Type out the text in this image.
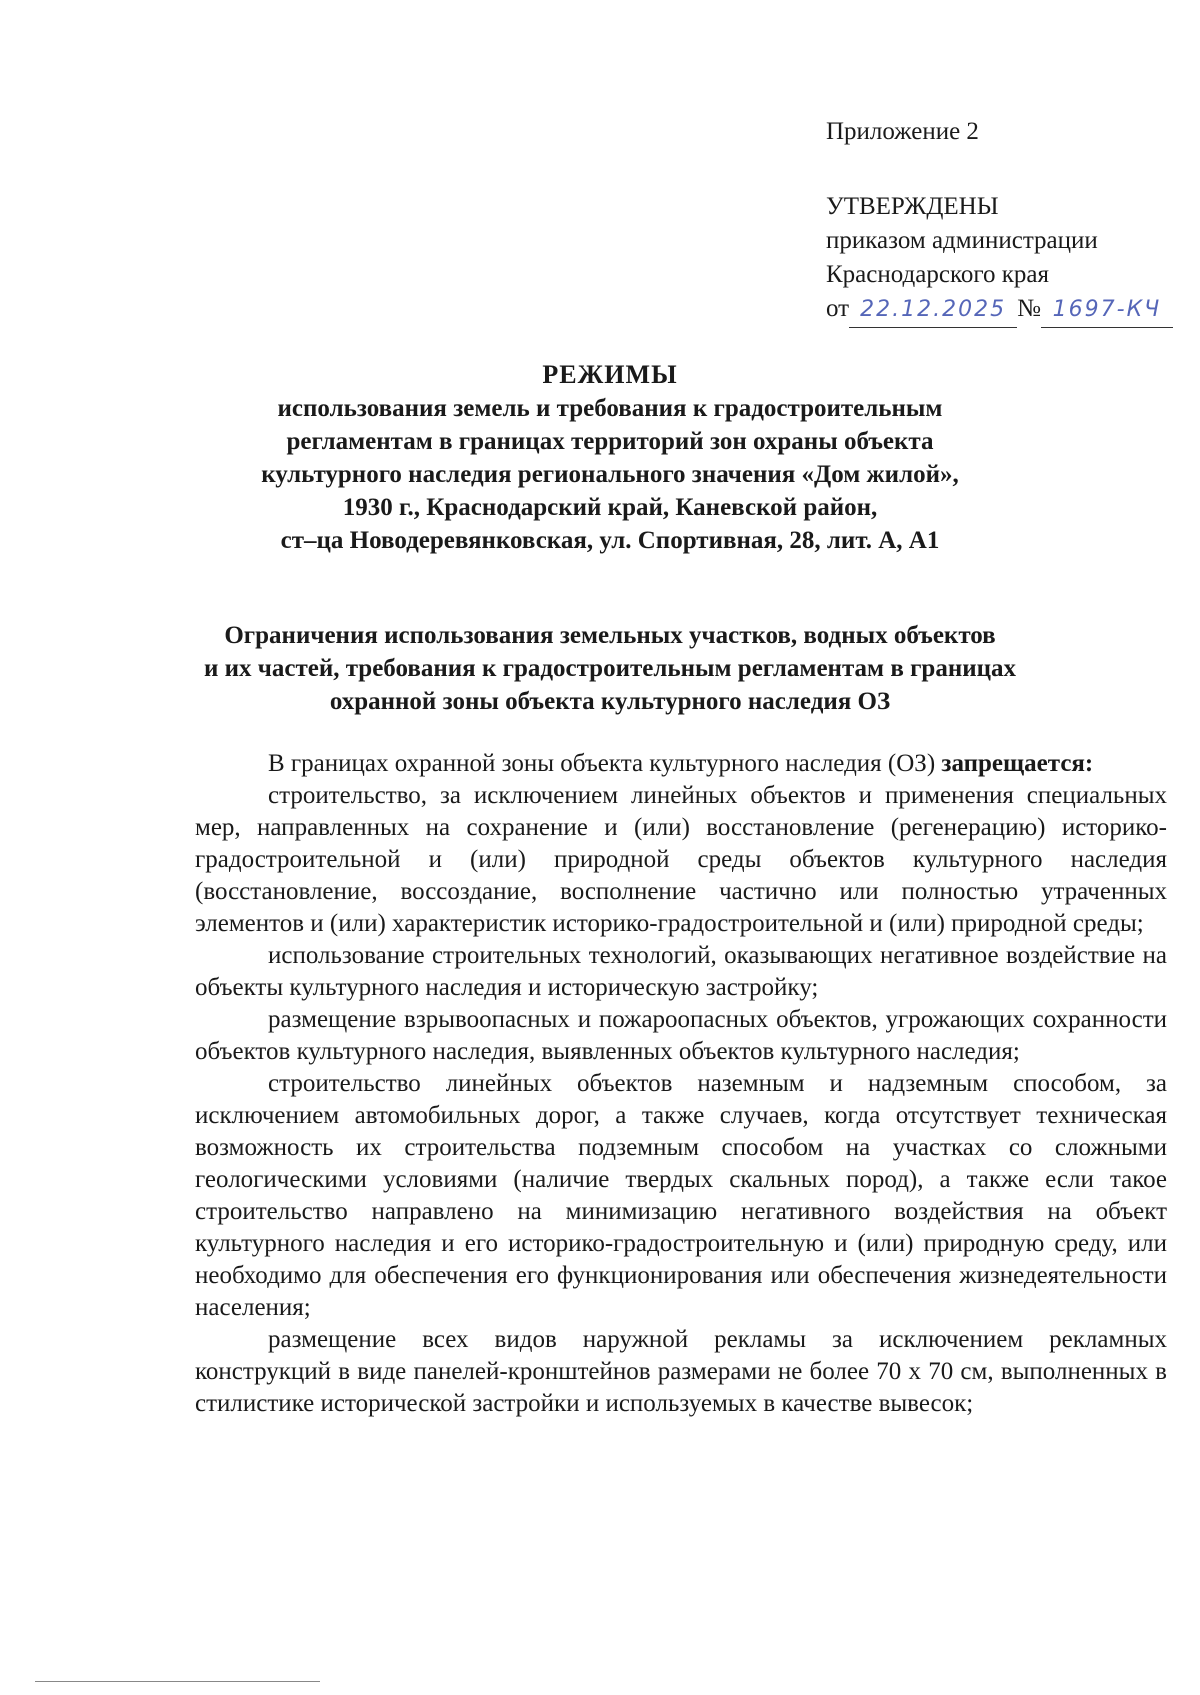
Приложение 2
УТВЕРЖДЕНЫ
приказом администрации
Краснодарского края
от 22.12.2025 № 1697-КЧ
РЕЖИМЫ
использования земель и требования к градостроительным
регламентам в границах территорий зон охраны объекта
культурного наследия регионального значения «Дом жилой»,
1930 г., Краснодарский край, Каневской район,
ст–ца Новодеревянковская, ул. Спортивная, 28, лит. А, А1
Ограничения использования земельных участков, водных объектов
и их частей, требования к градостроительным регламентам в границах
охранной зоны объекта культурного наследия ОЗ

В границах охранной зоны объекта культурного наследия (ОЗ) запрещается:

строительство, за исключением линейных объектов и применения специальных мер, направленных на сохранение и (или) восстановление (регенерацию) историко-градостроительной и (или) природной среды объектов культурного наследия (восстановление, воссоздание, восполнение частично или полностью утраченных элементов и (или) характеристик историко-градостроительной и (или) природной среды;

использование строительных технологий, оказывающих негативное воздействие на объекты культурного наследия и историческую застройку;

размещение взрывоопасных и пожароопасных объектов, угрожающих сохранности объектов культурного наследия, выявленных объектов культурного наследия;

строительство линейных объектов наземным и надземным способом, за исключением автомобильных дорог, а также случаев, когда отсутствует техническая возможность их строительства подземным способом на участках со сложными геологическими условиями (наличие твердых скальных пород), а также если такое строительство направлено на минимизацию негативного воздействия на объект культурного наследия и его историко-градостроительную и (или) природную среду, или необходимо для обеспечения его функционирования или обеспечения жизнедеятельности населения;

размещение всех видов наружной рекламы за исключением рекламных конструкций в виде панелей-кронштейнов размерами не более 70 х 70 см, выполненных в стилистике исторической застройки и используемых в качестве вывесок;
